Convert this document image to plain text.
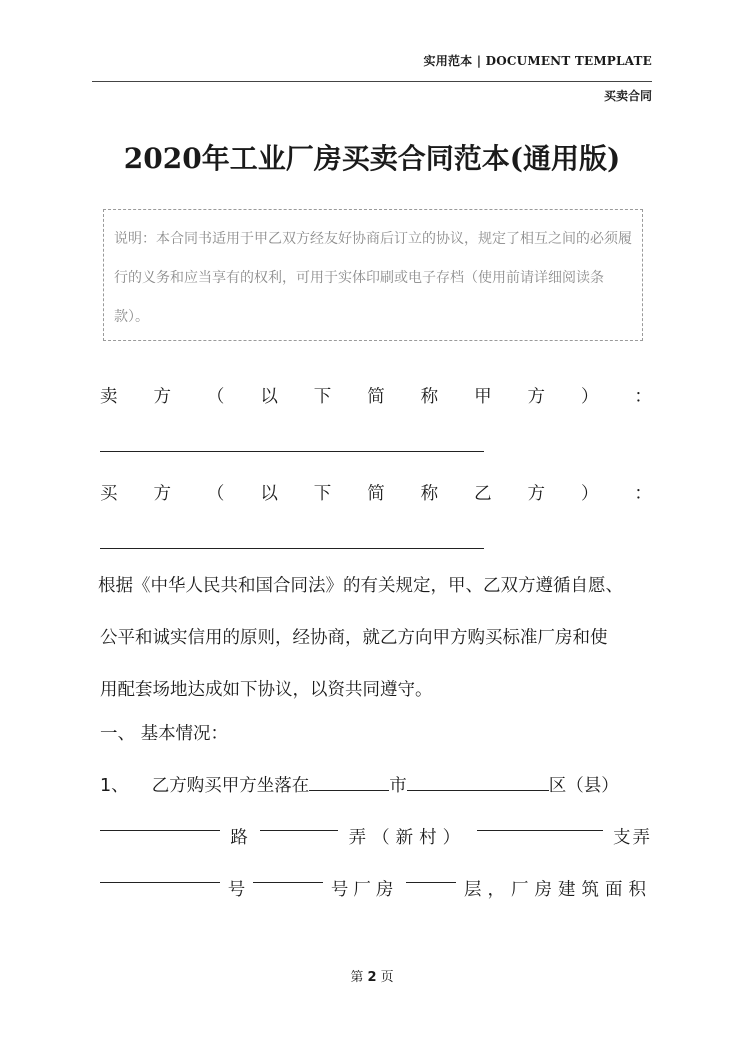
实用范本 | DOCUMENT TEMPLATE
买卖合同
2020年工业厂房买卖合同范本(通用版)
说明：本合同书适用于甲乙双方经友好协商后订立的协议，规定了相互之间的必须履行的义务和应当享有的权利，可用于实体印刷或电子存档（使用前请详细阅读条款）。
卖 方 （ 以 下 简 称 甲 方 ） ：
买 方 （ 以 下 简 称 乙 方 ） ：
根据《中华人民共和国合同法》的有关规定，甲、乙双方遵循自愿、
公平和诚实信用的原则，经协商，就乙方向甲方购买标准厂房和使
用配套场地达成如下协议，以资共同遵守。
一、 基本情况：
1、 乙方购买甲方坐落在	市	区（县）
路	弄（新村）	支弄
号	号厂房	层，厂房建筑面积
第 2 页
